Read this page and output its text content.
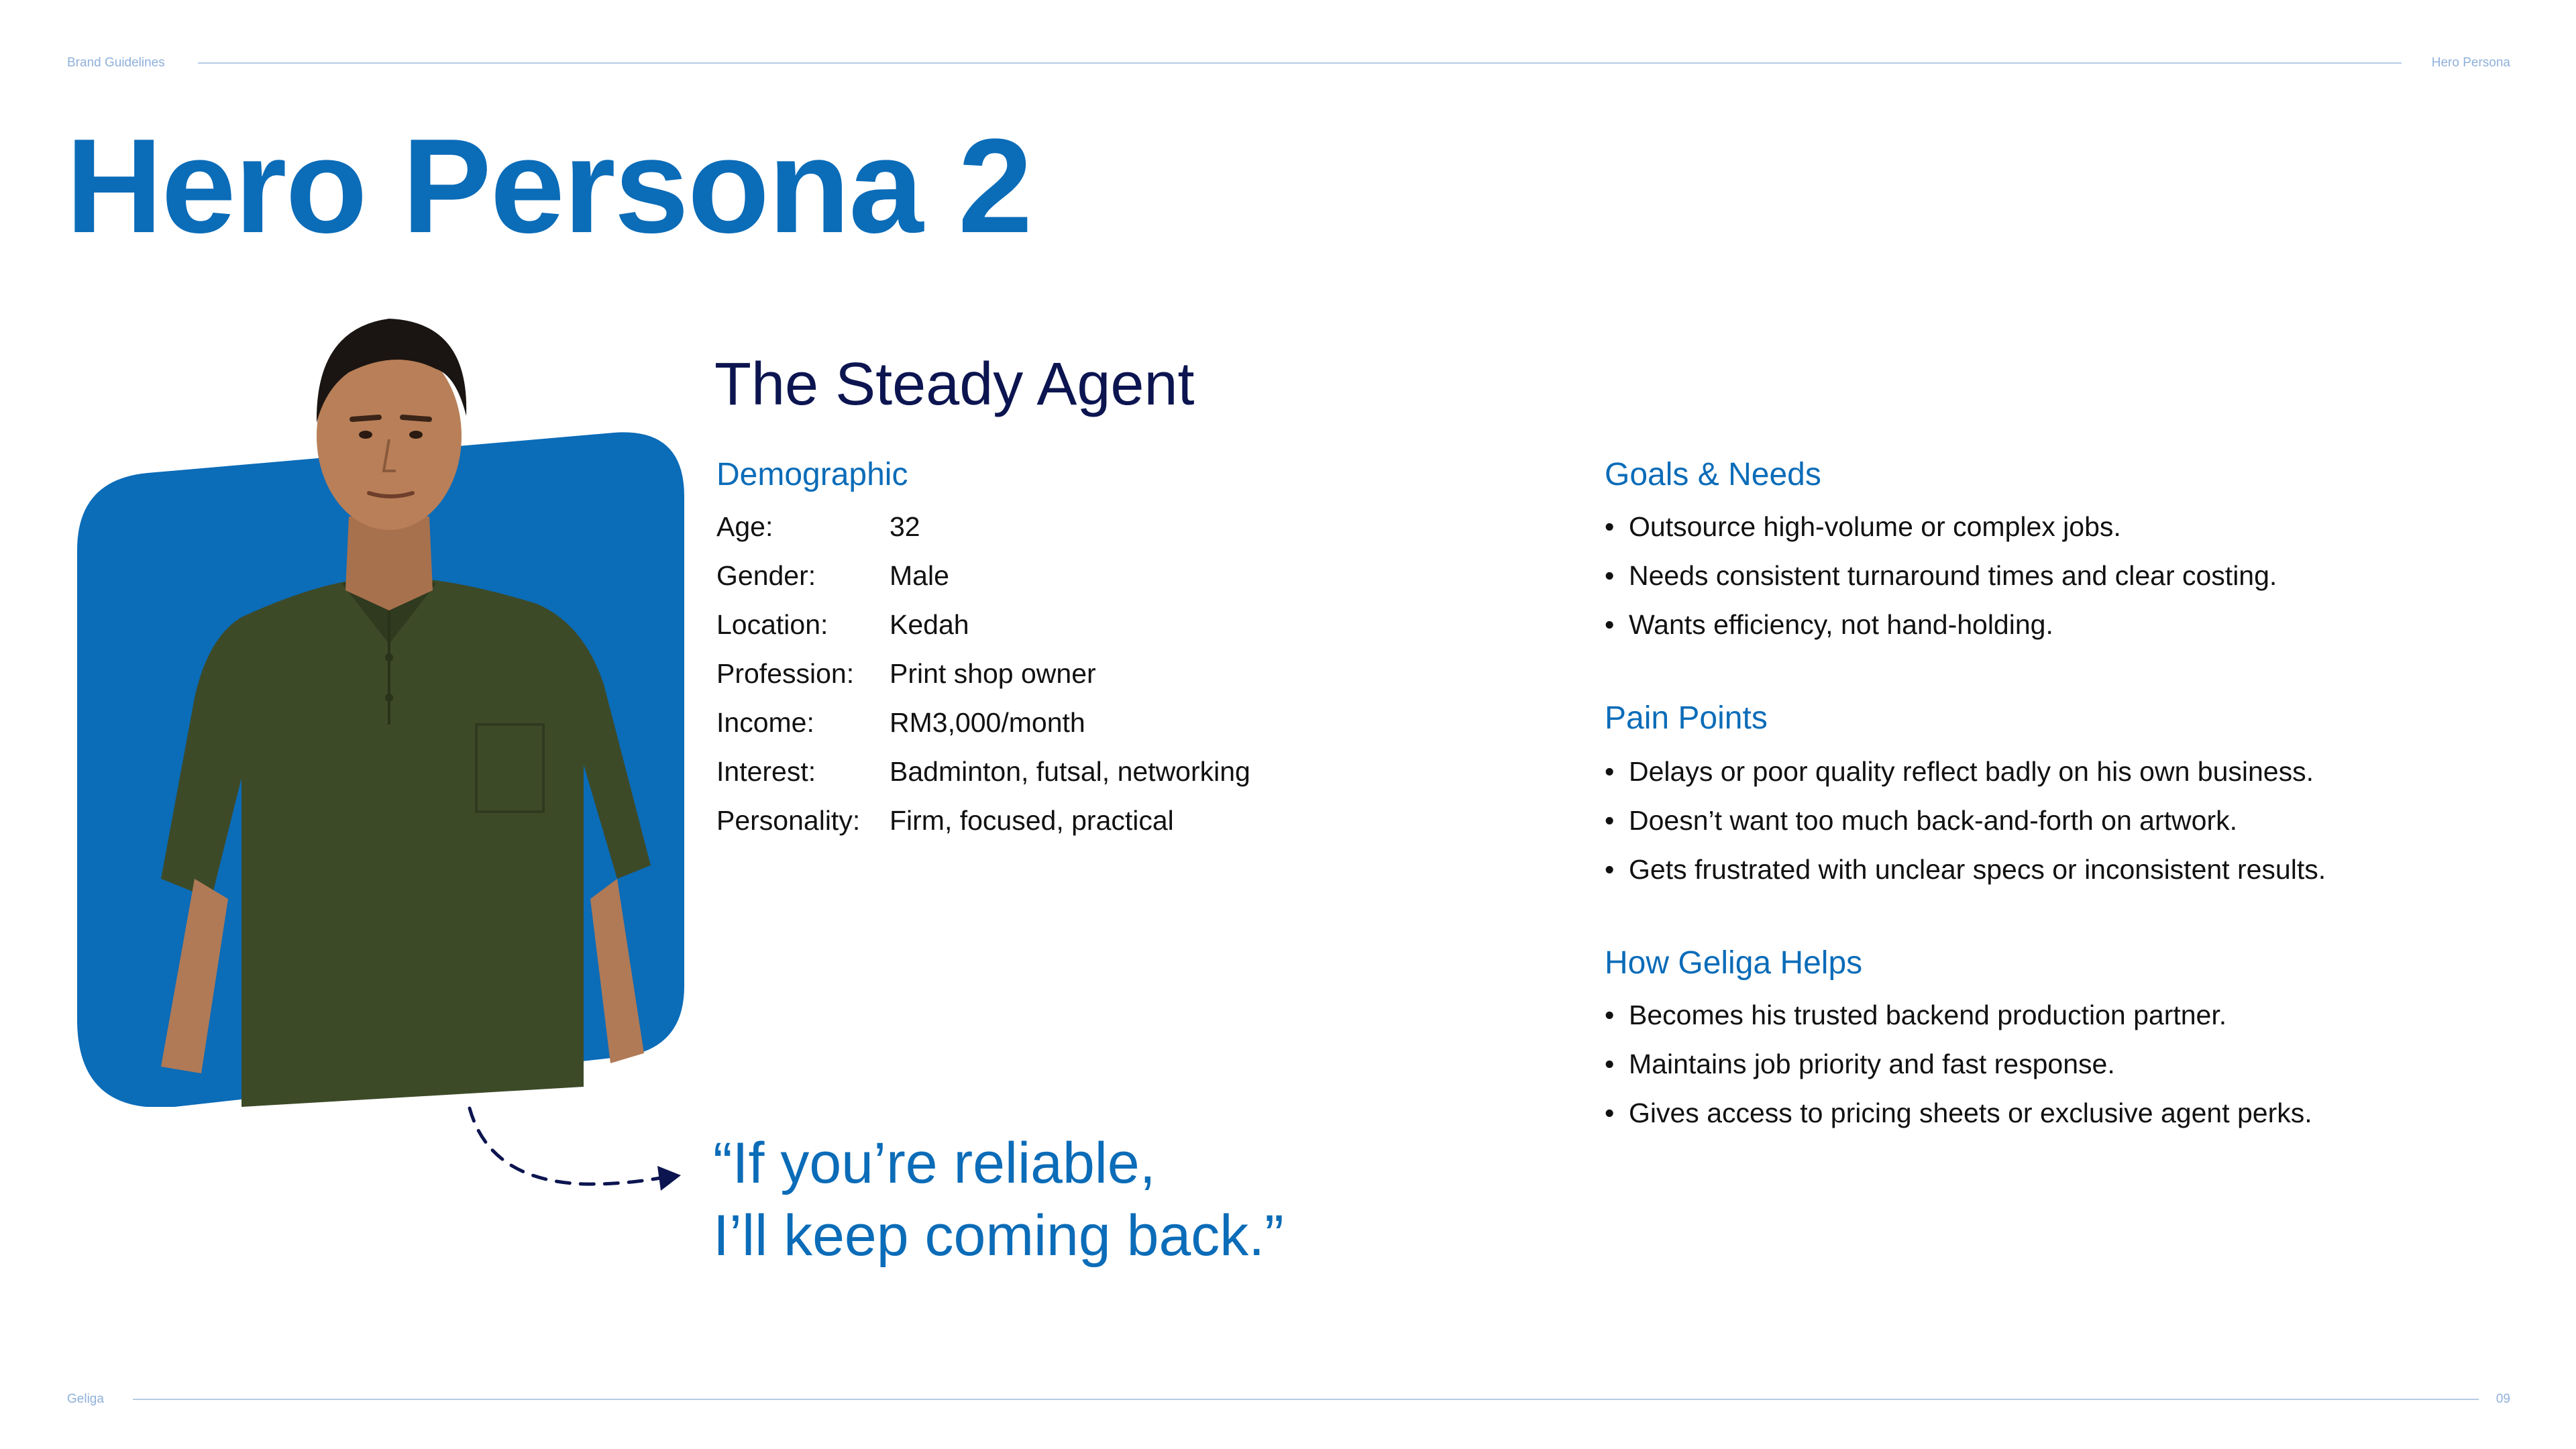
Brand Guidelines	Hero Persona
Geliga	09
Hero Persona 2
The Steady Agent
Demographic
Age:	32
Gender:	Male
Location: Kedah
Profession: Print shop owner
Income:	RM3,000/month
Interest:	Badminton, futsal, networking
Personality: Firm, focused, practical
Goals & Needs
• Outsource high-volume or complex jobs.
• Needs consistent turnaround times and clear costing.
• Wants efficiency, not hand-holding.
Pain Points
• Delays or poor quality reflect badly on his own business.
• Doesn’t want too much back-and-forth on artwork.
• Gets frustrated with unclear specs or inconsistent results.
How Geliga Helps
• Becomes his trusted backend production partner.
• Maintains job priority and fast response.
• Gives access to pricing sheets or exclusive agent perks.
“If you’re reliable,
I’ll keep coming back.”
